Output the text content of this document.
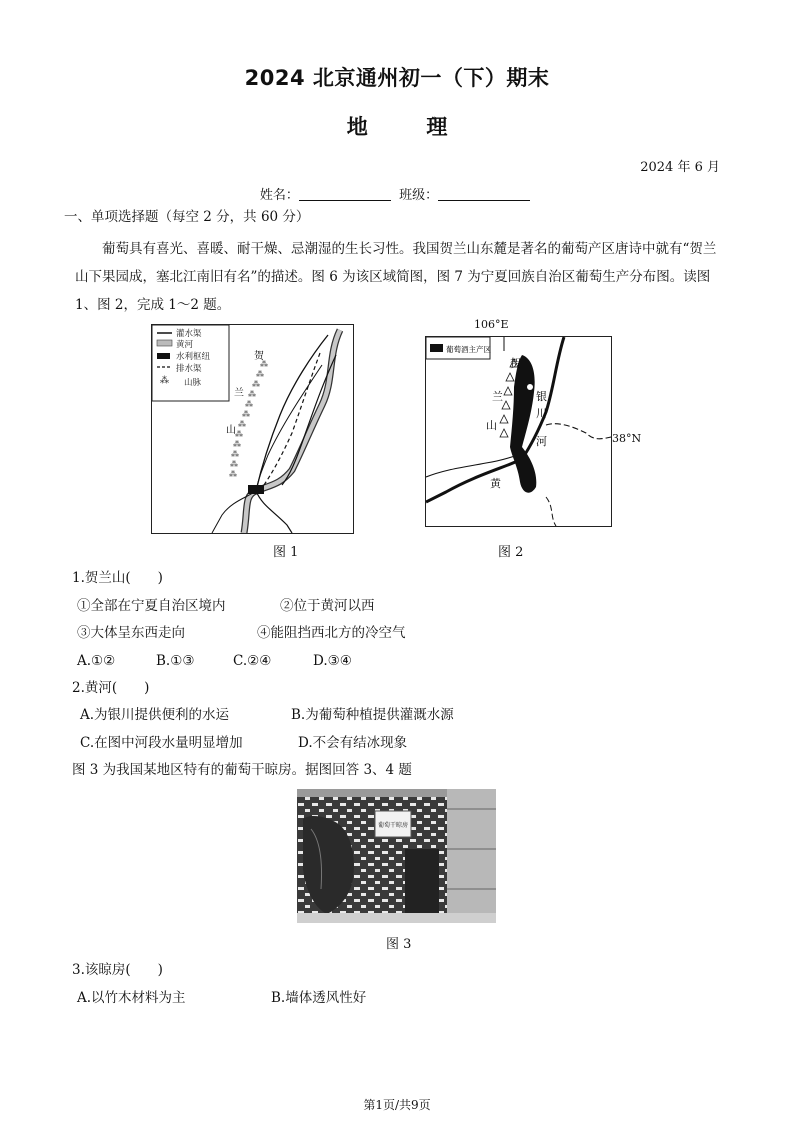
2024 北京通州初一（下）期末
地	理
2024 年 6 月
姓名：	班级：
一、单项选择题（每空 2 分，共 60 分）
葡萄具有喜光、喜暖、耐干燥、忌潮湿的生长习性。我国贺兰山东麓是著名的葡萄产区唐诗中就有“贺兰山下果园成，塞北江南旧有名”的描述。图 6 为该区域简图，图 7 为宁夏回族自治区葡萄生产分布图。读图 1、图 2，完成 1～2 题。
⁂
灌水渠
黄河
水利枢纽
排水渠
山脉
⁂
⁂
⁂
⁂
⁂
⁂
⁂
⁂
⁂
⁂
⁂
⁂
贺
兰
山
图 1
106°E
葡萄酒主产区
贺
兰
山
银
川
河
黄
38°N
图 2
1.贺兰山(　　)
①全部在宁夏自治区境内	②位于黄河以西
③大体呈东西走向	④能阻挡西北方的冷空气
A.①②	B.①③	C.②④	D.③④
2.黄河(　　)
A.为银川提供便利的水运	B.为葡萄种植提供灌溉水源
C.在图中河段水量明显增加	D.不会有结冰现象
图 3 为我国某地区特有的葡萄干晾房。据图回答 3、4 题
葡萄干晾房
图 3
3.该晾房(　　)
A.以竹木材料为主	B.墙体透风性好
第1页/共9页
